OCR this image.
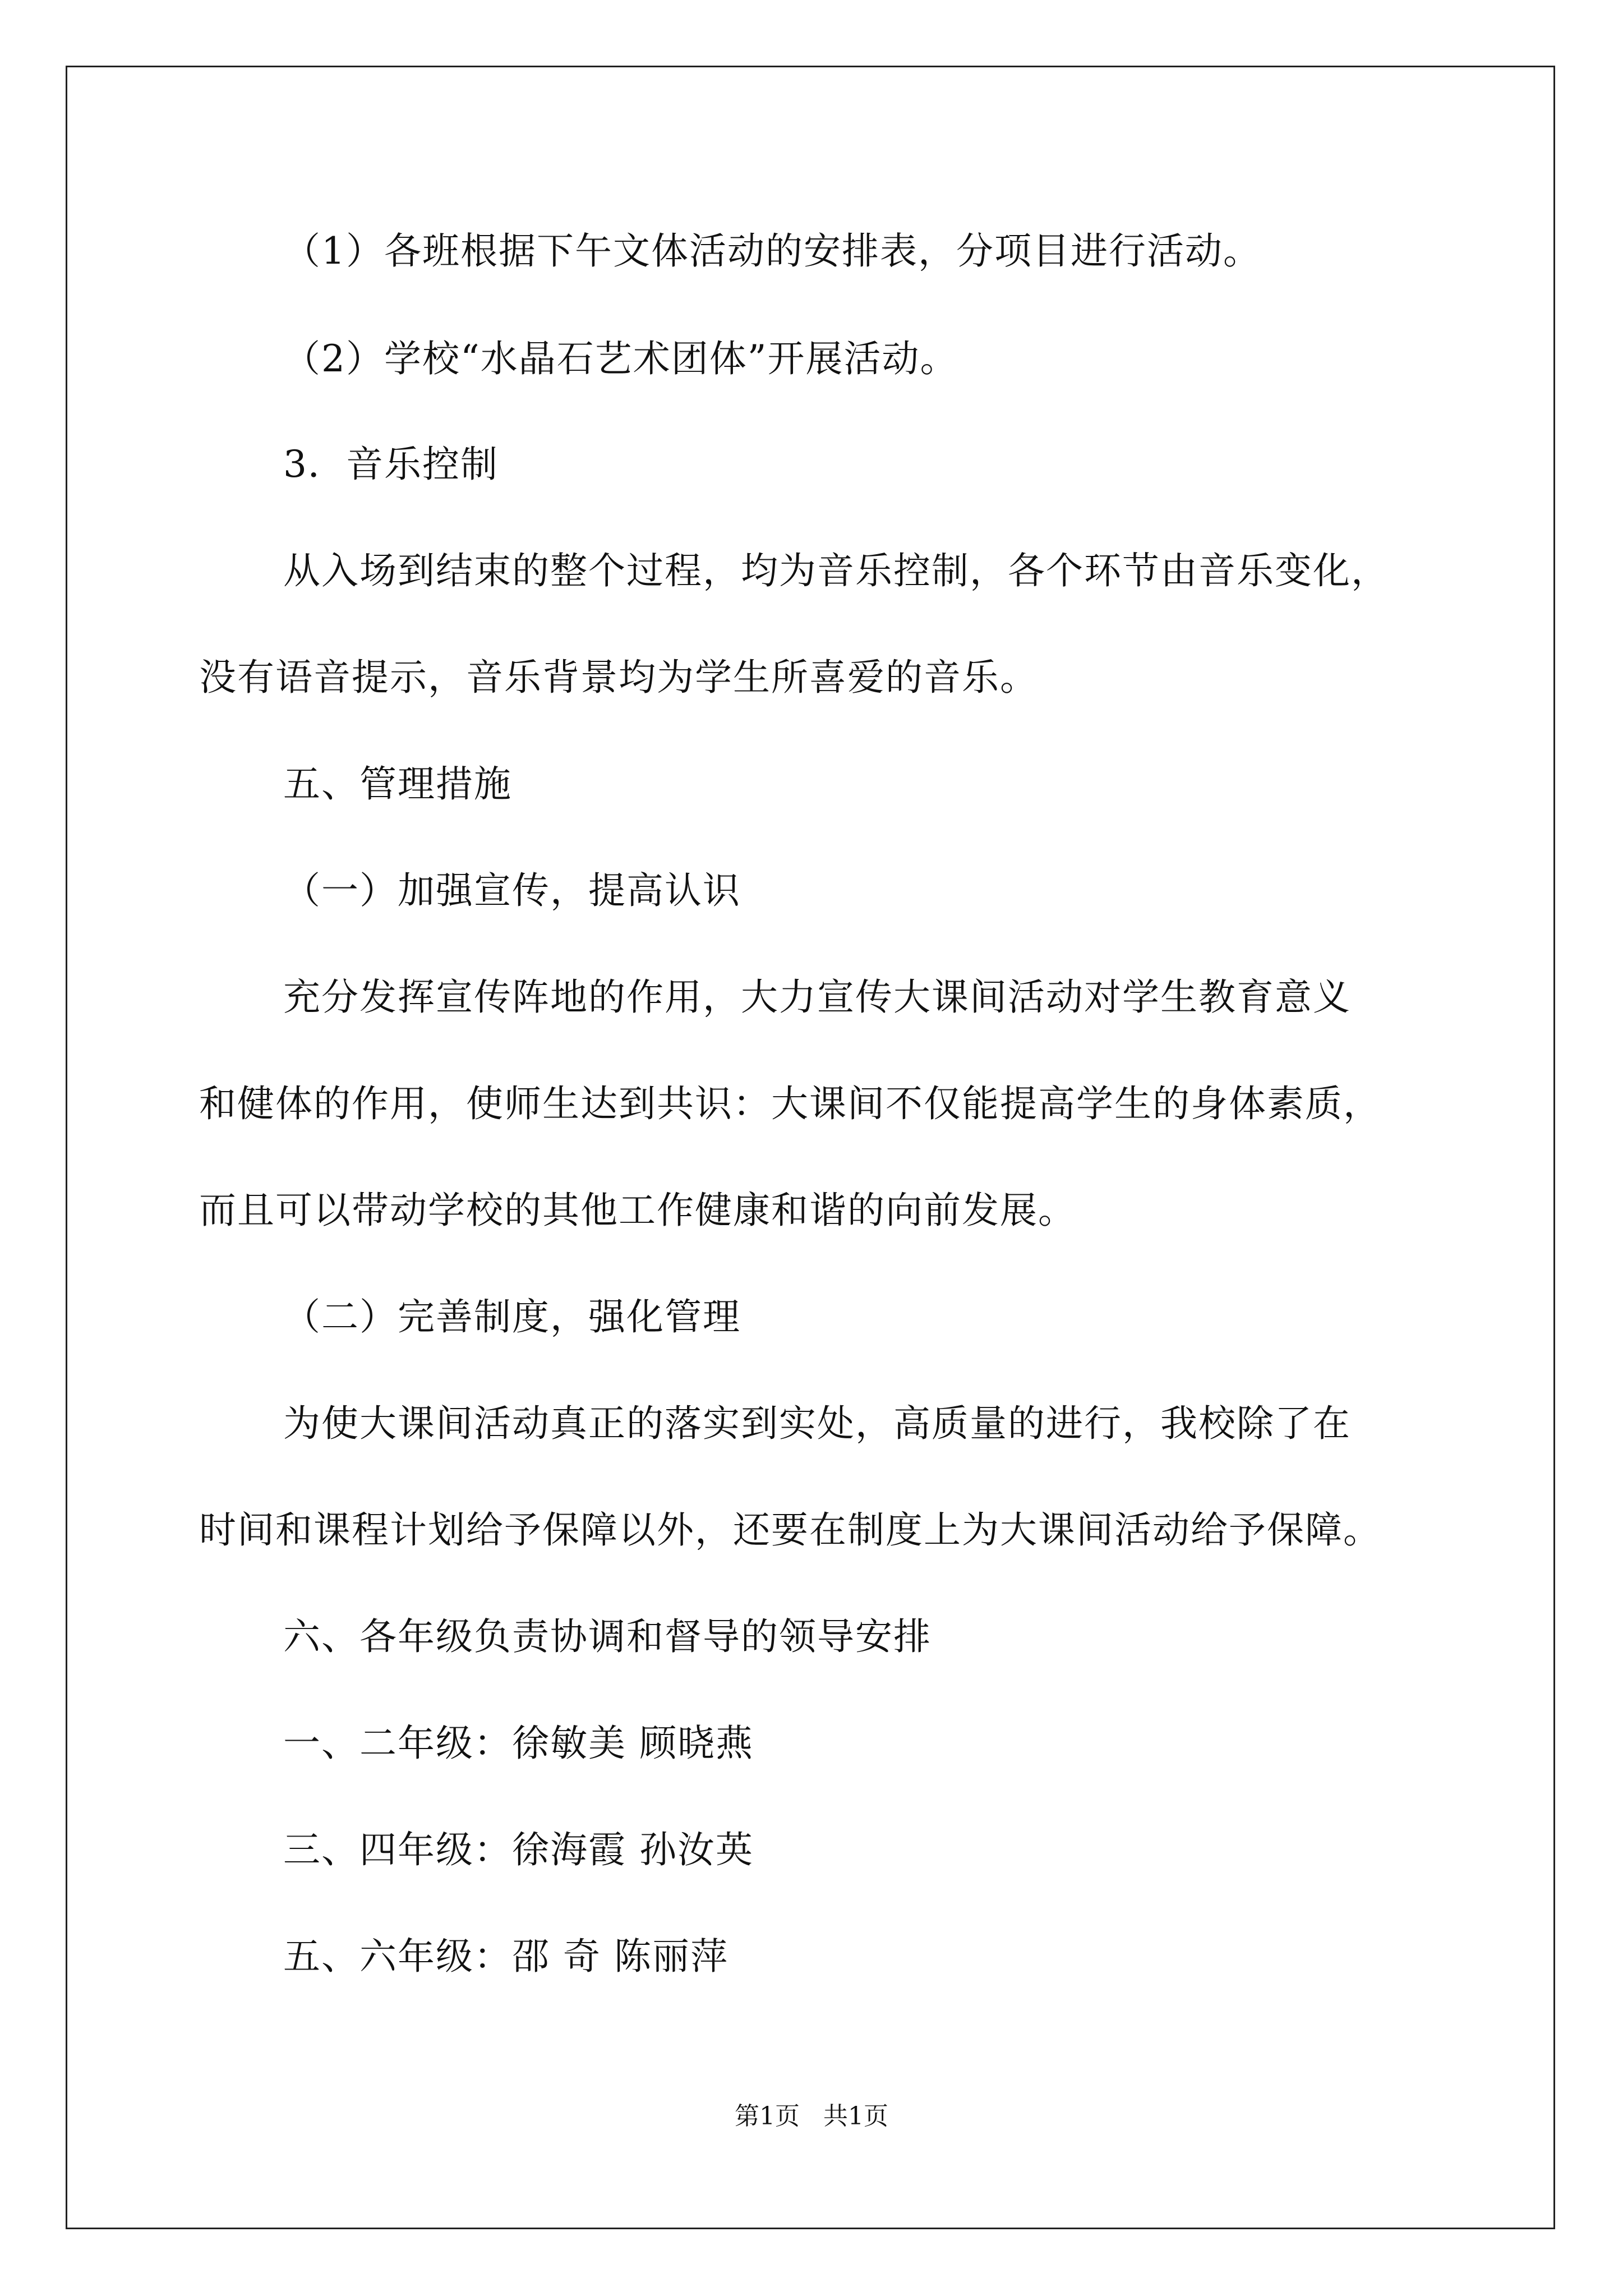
（1）各班根据下午文体活动的安排表，分项目进行活动。
（2）学校“水晶石艺术团体”开展活动。
3．音乐控制
从入场到结束的整个过程，均为音乐控制，各个环节由音乐变化，
没有语音提示，音乐背景均为学生所喜爱的音乐。
五、管理措施
（一）加强宣传，提高认识
充分发挥宣传阵地的作用，大力宣传大课间活动对学生教育意义
和健体的作用，使师生达到共识：大课间不仅能提高学生的身体素质，
而且可以带动学校的其他工作健康和谐的向前发展。
（二）完善制度，强化管理
为使大课间活动真正的落实到实处，高质量的进行，我校除了在
时间和课程计划给予保障以外，还要在制度上为大课间活动给予保障。
六、各年级负责协调和督导的领导安排
一、二年级：徐敏美 顾晓燕
三、四年级：徐海霞 孙汝英
五、六年级：邵 奇 陈丽萍
第1页 共1页
